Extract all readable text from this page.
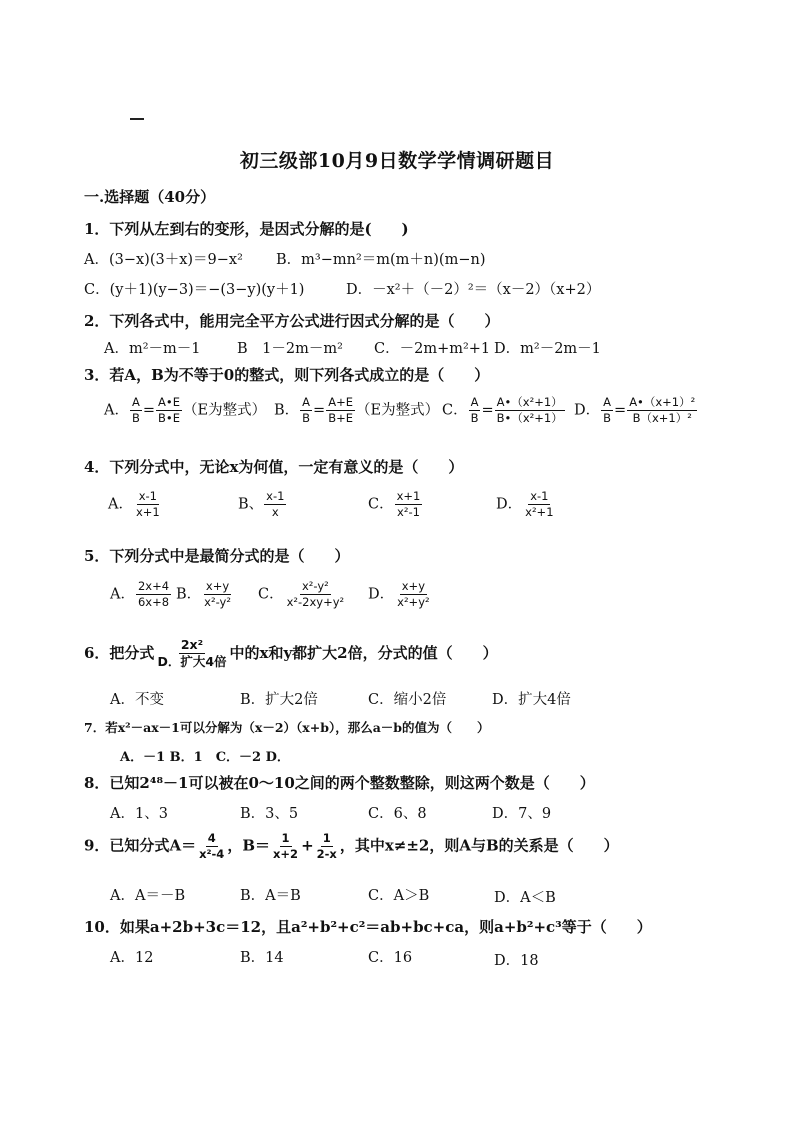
初三级部10月9日数学学情调研题目
一.选择题（40分）
1．下列从左到右的变形，是因式分解的是(　　)
A．(3−x)(3＋x)＝9−x² B．m³−mn²＝m(m＋n)(m−n)
C．(y＋1)(y−3)＝−(3−y)(y＋1)	D．－x²＋（－2）²＝（x－2）（x+2）
2．下列各式中，能用完全平方公式进行因式分解的是（　　）
A．m²－m－1	B　1－2m－m² C．－2m+m²+1 D．m²－2m－1
3．若A，B为不等于0的整式，则下列各式成立的是（　　）
A． $\frac{A}{B} = \frac{A•E}{B•E} (E$为整式） B． $\frac{A}{B} = \frac{A+E}{B+E} (E$为整式） C． $\frac{A}{B} = \frac{\text{A•（x²+1）}}{\text{B•（x²+1）}}$ D． $\frac{A}{B} = \frac{\text{A•（x+1）²}}{\text{B（x+1）²}}$
4．下列分式中，无论x为何值，一定有意义的是（　　）
A． $\frac{x-1}{x+1}$	B、 $\frac{x-1}{x}$	C． $\frac{x+1}{\text{x²-1}}$	D． $\frac{x-1}{\text{x²+1}}$
5．下列分式中是最简分式的是（　　）
A． $\frac{2x+4}{6x+8}$ B． $\frac{x+y}{\text{x²-y²}}$ C． $\frac{\text{x²-y²}}{\text{x²-2xy+y²}}$ D． $\frac{x+y}{\text{x²+y²}}$
6．把分式 $\frac{\text{2x²}}{\text{D．扩大4倍}}$ 中的x和y都扩大2倍，分式的值（　　）
A．不变	B．扩大2倍	C．缩小2倍	D．扩大4倍
7．若x²－ax－1可以分解为（x－2）（x+b），那么a－b的值为（　　）
A．－1 B．1　C．－2 D．
8．已知2⁴⁸－1可以被在0～10之间的两个整数整除，则这两个数是（　　）
A．1、3	B．3、5	C．6、8	D．7、9
9．已知分式$A= \frac{4}{\text{x²-4}}$ ，$B= \frac{1}{x+2} + \frac{1}{2-x}$ ，其中x≠±2，则A与B的关系是（　　）
A．A＝－B	B．A＝B	C．A＞B	D．A＜B
10．如果a+2b+3c＝12，且a²+b²+c²＝ab+bc+ca，则a+b²+c³等于（　　）
A．12	B．14	C．16	D．18
